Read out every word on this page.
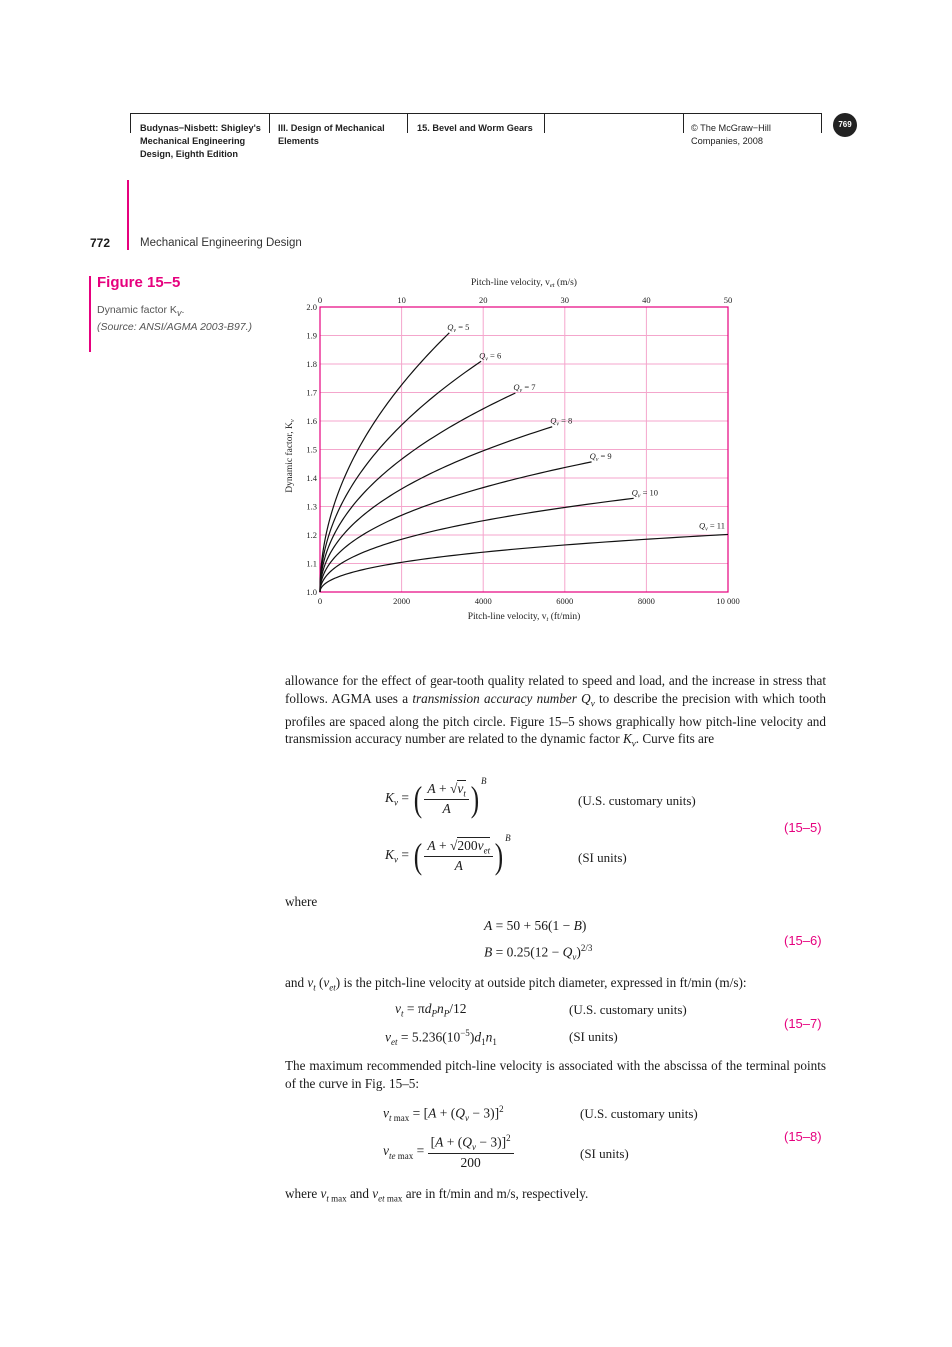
Budynas−Nisbett: Shigley's
Mechanical Engineering
Design, Eighth Edition
III. Design of Mechanical
Elements
15. Bevel and Worm Gears	© The McGraw−Hill
Companies, 2008
769
772	Mechanical Engineering Design
Figure 15–5
Dynamic factor $K_v$.
(Source: ANSI/AGMA 2003-B97.)
0	2000	4000	6000	8000	10 000
0	10	20	30	40	50
1.0
1.1
1.2
1.3
1.4
1.5
1.6
1.7
1.8
1.9
2.0
$Q_v = 5$
$Q_v = 6$
$Q_v = 7$
$Q_v = 8$
$Q_v = 9$
$Q_v = 10$
$Q_v = 11$
Pitch-line velocity, $v_{et}$ (m/s)
Pitch-line velocity, $v_t$ (ft/min)
Dynamic factor, $K_v$
allowance for the effect of gear-tooth quality related to speed and load, and the increase in stress that follows. AGMA uses a transmission accuracy number $Q_v$ to describe the precision with which tooth profiles are spaced along the pitch circle. Figure 15–5 shows graphically how pitch-line velocity and transmission accuracy number are related to the dynamic factor $K_v$. Curve fits are
$K_v$ = ( $\frac{A + √v_t}{A}$ ) $^B$
(U.S. customary units)
$K_v$ = ( $\frac{A + √200v_{et}}{A}$ ) $^B$
(SI units)
(15–5)
where
A = 50 + 56(1 − B)
$B = 0.25(12 - Q_v)^{2/3}$	(15–6)
and $v_t$ $(v_{et})$ is the pitch-line velocity at outside pitch diameter, expressed in ft/min (m/s):
$v_t = \pi d_Pn_P/12$	(U.S. customary units)
$v_{et} = 5.236(10^{-5})d_1n_1$	(SI units)
(15–7)
The maximum recommended pitch-line velocity is associated with the abscissa of the terminal points of the curve in Fig. 15–5:
$v_{t max} = [A + (Q_v - 3)]^2$	(U.S. customary units)
$v_{te max} = \frac{[A + (Q_v - 3)]^2}{200}$	(SI units)
(15–8)
where $v_{t max}$ and $v_{et max}$ are in ft/min and m/s, respectively.
